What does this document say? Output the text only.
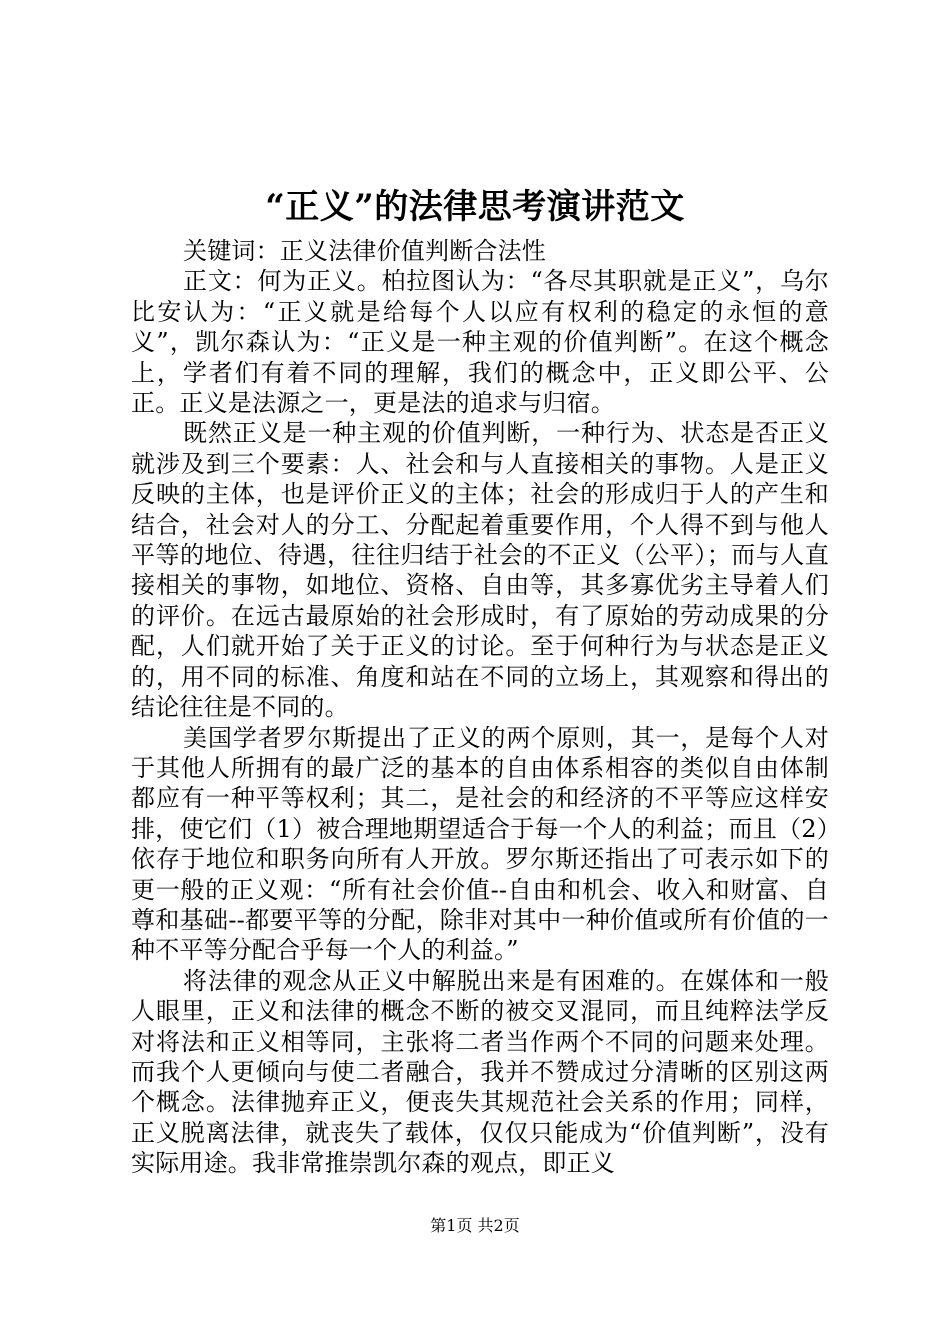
“正义”的法律思考演讲范文

关键词：正义法律价值判断合法性

正文：何为正义。柏拉图认为：“各尽其职就是正义”，乌尔比安认为：“正义就是给每个人以应有权利的稳定的永恒的意义”，凯尔森认为：“正义是一种主观的价值判断”。在这个概念上，学者们有着不同的理解，我们的概念中，正义即公平、公正。正义是法源之一，更是法的追求与归宿。

既然正义是一种主观的价值判断，一种行为、状态是否正义就涉及到三个要素：人、社会和与人直接相关的事物。人是正义反映的主体，也是评价正义的主体；社会的形成归于人的产生和结合，社会对人的分工、分配起着重要作用，个人得不到与他人平等的地位、待遇，往往归结于社会的不正义（公平）；而与人直接相关的事物，如地位、资格、自由等，其多寡优劣主导着人们的评价。在远古最原始的社会形成时，有了原始的劳动成果的分配，人们就开始了关于正义的讨论。至于何种行为与状态是正义的，用不同的标准、角度和站在不同的立场上，其观察和得出的结论往往是不同的。

美国学者罗尔斯提出了正义的两个原则，其一，是每个人对于其他人所拥有的最广泛的基本的自由体系相容的类似自由体制都应有一种平等权利；其二，是社会的和经济的不平等应这样安排，使它们（1）被合理地期望适合于每一个人的利益；而且（2）依存于地位和职务向所有人开放。罗尔斯还指出了可表示如下的更一般的正义观：“所有社会价值--自由和机会、收入和财富、自尊和基础--都要平等的分配，除非对其中一种价值或所有价值的一种不平等分配合乎每一个人的利益。”

将法律的观念从正义中解脱出来是有困难的。在媒体和一般人眼里，正义和法律的概念不断的被交叉混同，而且纯粹法学反对将法和正义相等同，主张将二者当作两个不同的问题来处理。而我个人更倾向与使二者融合，我并不赞成过分清晰的区别这两个概念。法律抛弃正义，便丧失其规范社会关系的作用；同样，正义脱离法律，就丧失了载体，仅仅只能成为“价值判断”，没有实际用途。我非常推崇凯尔森的观点，即正义

第1页 共2页
